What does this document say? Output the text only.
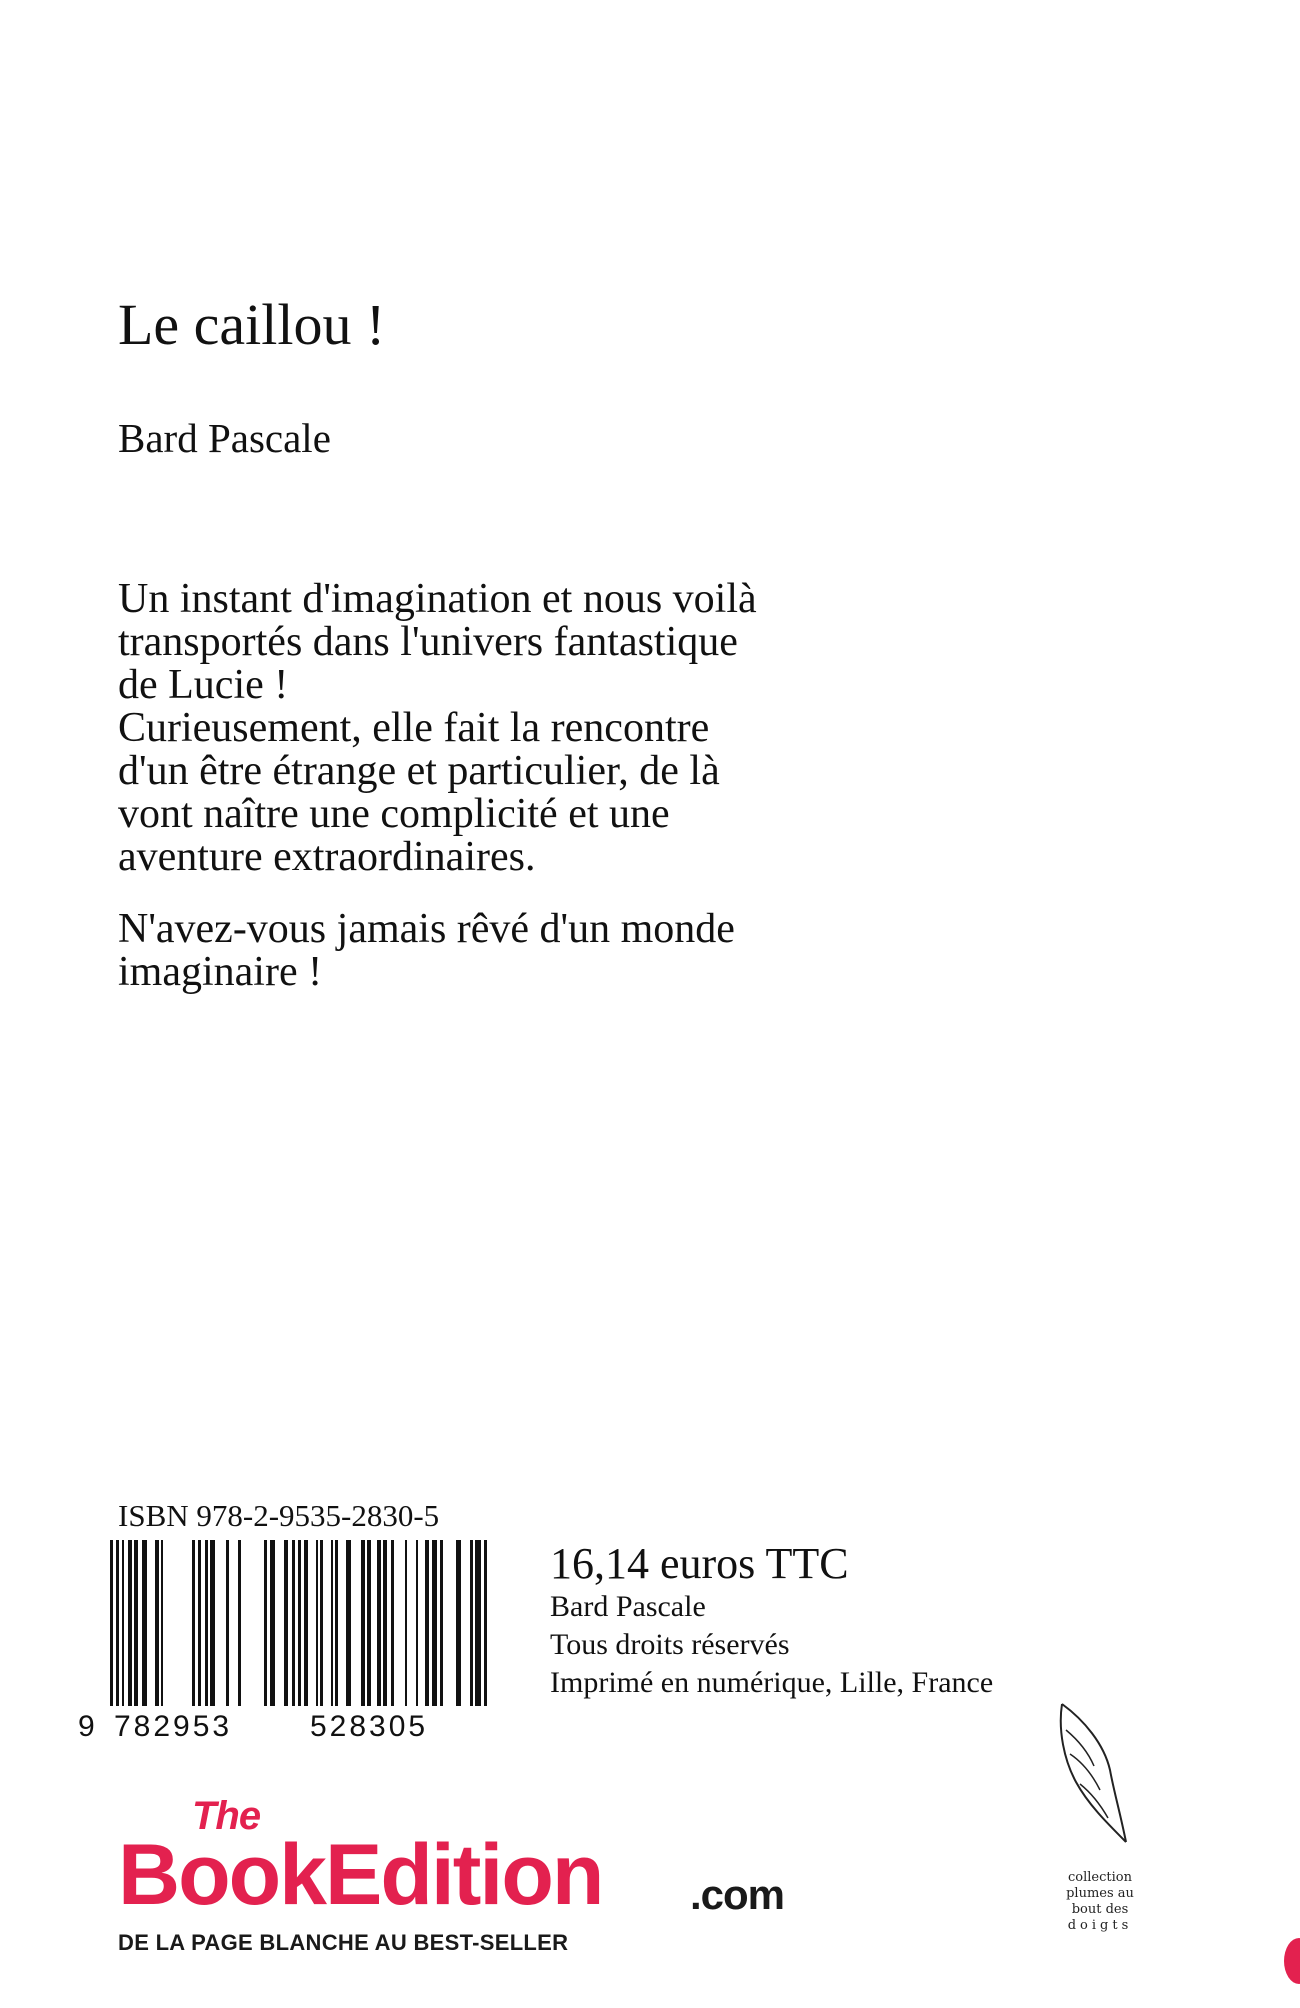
Le caillou !
Bard Pascale
Un instant d'imagination et nous voilà
transportés dans l'univers fantastique
de Lucie !
Curieusement, elle fait la rencontre
d'un être étrange et particulier, de là
vont naître une complicité et une
aventure extraordinaires.
N'avez-vous jamais rêvé d'un monde
imaginaire !
ISBN 978-2-9535-2830-5
9 782953	528305
16,14 euros TTC
Bard Pascale
Tous droits réservés
Imprimé en numérique, Lille, France
The
BookEdition .com
DE LA PAGE BLANCHE AU BEST-SELLER
collection
plumes au
bout des
doigts
